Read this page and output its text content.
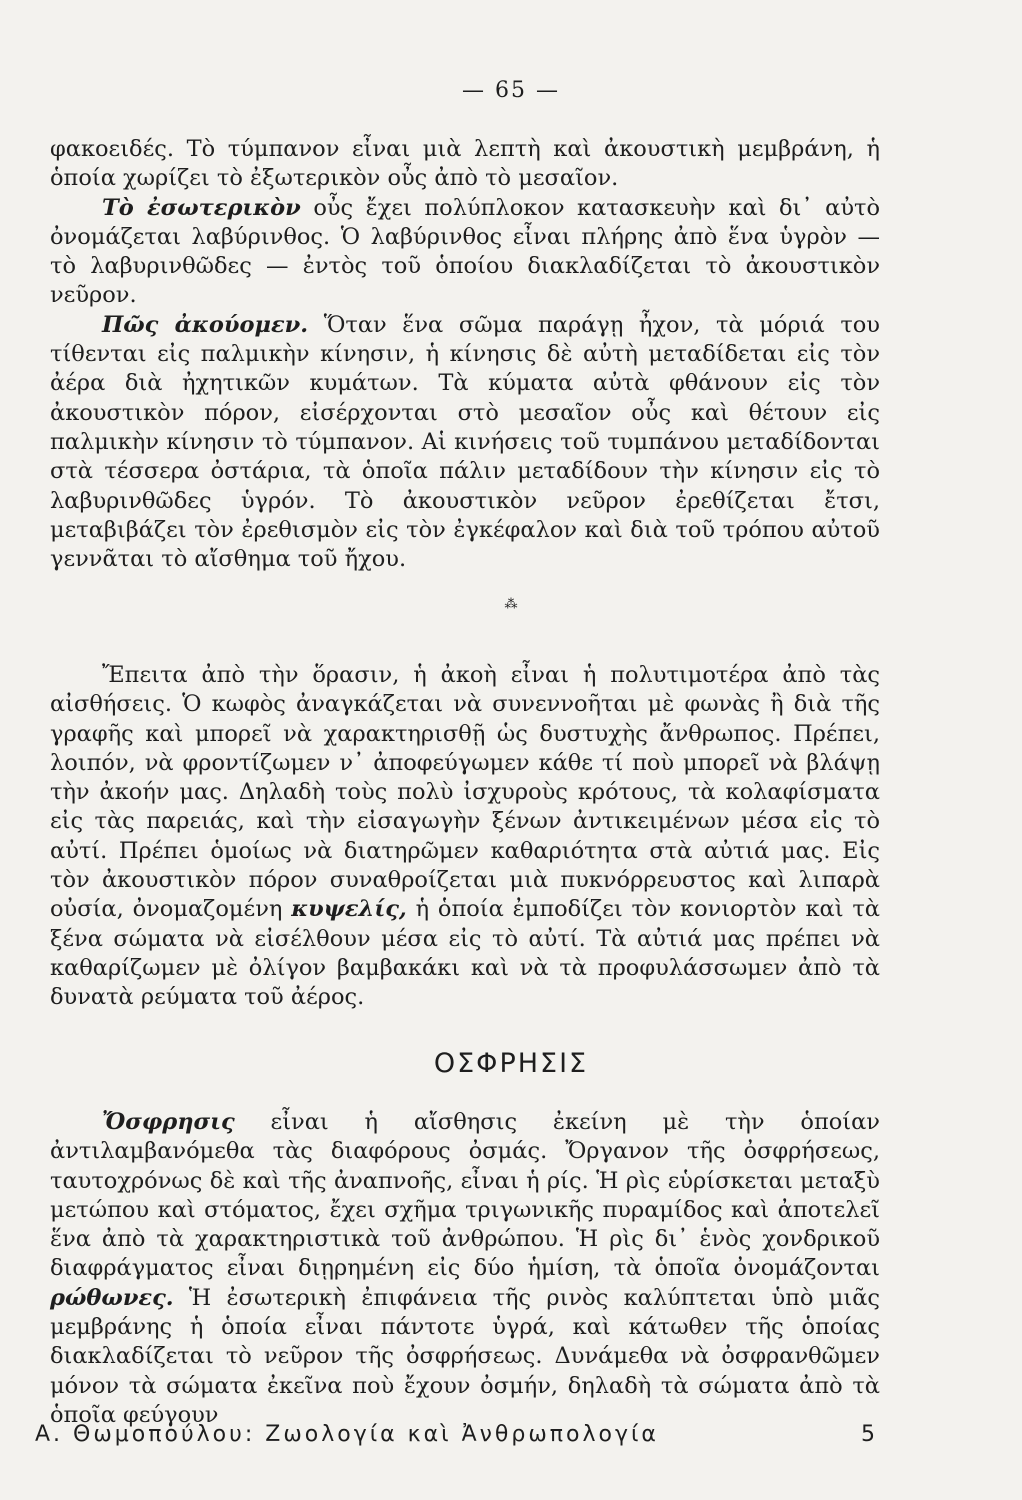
— 65 —

φακοειδές. Τὸ τύμπανον εἶναι μιὰ λεπτὴ καὶ ἀκουστικὴ μεμβράνη, ἡ ὁποία χωρίζει τὸ ἐξωτερικὸν οὖς ἀπὸ τὸ μεσαῖον.

Τὸ ἐσωτερικὸν οὖς ἔχει πολύπλοκον κατασκευὴν καὶ δι᾽ αὐτὸ ὀνομάζεται λαβύρινθος. Ὁ λαβύρινθος εἶναι πλήρης ἀπὸ ἕνα ὑγρὸν — τὸ λαβυρινθῶδες — ἐντὸς τοῦ ὁποίου διακλαδίζεται τὸ ἀκουστικὸν νεῦρον.

Πῶς ἀκούομεν. Ὅταν ἕνα σῶμα παράγῃ ἦχον, τὰ μόριά του τίθενται εἰς παλμικὴν κίνησιν, ἡ κίνησις δὲ αὐτὴ μεταδίδεται εἰς τὸν ἀέρα διὰ ἠχητικῶν κυμάτων. Τὰ κύματα αὐτὰ φθάνουν εἰς τὸν ἀκουστικὸν πόρον, εἰσέρχονται στὸ μεσαῖον οὖς καὶ θέτουν εἰς παλμικὴν κίνησιν τὸ τύμπανον. Αἱ κινήσεις τοῦ τυμπάνου μεταδίδονται στὰ τέσσερα ὀστάρια, τὰ ὁποῖα πάλιν μεταδίδουν τὴν κίνησιν εἰς τὸ λαβυρινθῶδες ὑγρόν. Τὸ ἀκουστικὸν νεῦρον ἐρεθίζεται ἔτσι, μεταβιβάζει τὸν ἐρεθισμὸν εἰς τὸν ἐγκέφαλον καὶ διὰ τοῦ τρόπου αὐτοῦ γεννᾶται τὸ αἴσθημα τοῦ ἤχου.

⁂

Ἔπειτα ἀπὸ τὴν ὅρασιν, ἡ ἀκοὴ εἶναι ἡ πολυτιμοτέρα ἀπὸ τὰς αἰσθήσεις. Ὁ κωφὸς ἀναγκάζεται νὰ συνεννοῆται μὲ φωνὰς ἢ διὰ τῆς γραφῆς καὶ μπορεῖ νὰ χαρακτηρισθῇ ὡς δυστυχὴς ἄνθρωπος. Πρέπει, λοιπόν, νὰ φροντίζωμεν ν᾽ ἀποφεύγωμεν κάθε τί ποὺ μπορεῖ νὰ βλάψῃ τὴν ἀκοήν μας. Δηλαδὴ τοὺς πολὺ ἰσχυροὺς κρότους, τὰ κολαφίσματα εἰς τὰς παρειάς, καὶ τὴν εἰσαγωγὴν ξένων ἀντικειμένων μέσα εἰς τὸ αὐτί. Πρέπει ὁμοίως νὰ διατηρῶμεν καθαριότητα στὰ αὐτιά μας. Εἰς τὸν ἀκουστικὸν πόρον συναθροίζεται μιὰ πυκνόρρευστος καὶ λιπαρὰ οὐσία, ὀνομαζομένη κυψελίς, ἡ ὁποία ἐμποδίζει τὸν κονιορτὸν καὶ τὰ ξένα σώματα νὰ εἰσέλθουν μέσα εἰς τὸ αὐτί. Τὰ αὐτιά μας πρέπει νὰ καθαρίζωμεν μὲ ὀλίγον βαμβακάκι καὶ νὰ τὰ προφυλάσσωμεν ἀπὸ τὰ δυνατὰ ρεύματα τοῦ ἀέρος.

ΟΣΦΡΗΣΙΣ

Ὄσφρησις εἶναι ἡ αἴσθησις ἐκείνη μὲ τὴν ὁποίαν ἀντιλαμβανόμεθα τὰς διαφόρους ὀσμάς. Ὄργανον τῆς ὀσφρήσεως, ταυτοχρόνως δὲ καὶ τῆς ἀναπνοῆς, εἶναι ἡ ρίς. Ἡ ρὶς εὑρίσκεται μεταξὺ μετώπου καὶ στόματος, ἔχει σχῆμα τριγωνικῆς πυραμίδος καὶ ἀποτελεῖ ἕνα ἀπὸ τὰ χαρακτηριστικὰ τοῦ ἀνθρώπου. Ἡ ρὶς δι᾽ ἑνὸς χονδρικοῦ διαφράγματος εἶναι διῃρημένη εἰς δύο ἡμίση, τὰ ὁποῖα ὀνομάζονται ρώθωνες. Ἡ ἐσωτερικὴ ἐπιφάνεια τῆς ρινὸς καλύπτεται ὑπὸ μιᾶς μεμβράνης ἡ ὁποία εἶναι πάντοτε ὑγρά, καὶ κάτωθεν τῆς ὁποίας διακλαδίζεται τὸ νεῦρον τῆς ὀσφρήσεως. Δυνάμεθα νὰ ὀσφρανθῶμεν μόνον τὰ σώματα ἐκεῖνα ποὺ ἔχουν ὀσμήν, δηλαδὴ τὰ σώματα ἀπὸ τὰ ὁποῖα φεύγουν

Α. Θωμοπούλου: Ζωολογία καὶ Ἀνθρωπολογία	5
